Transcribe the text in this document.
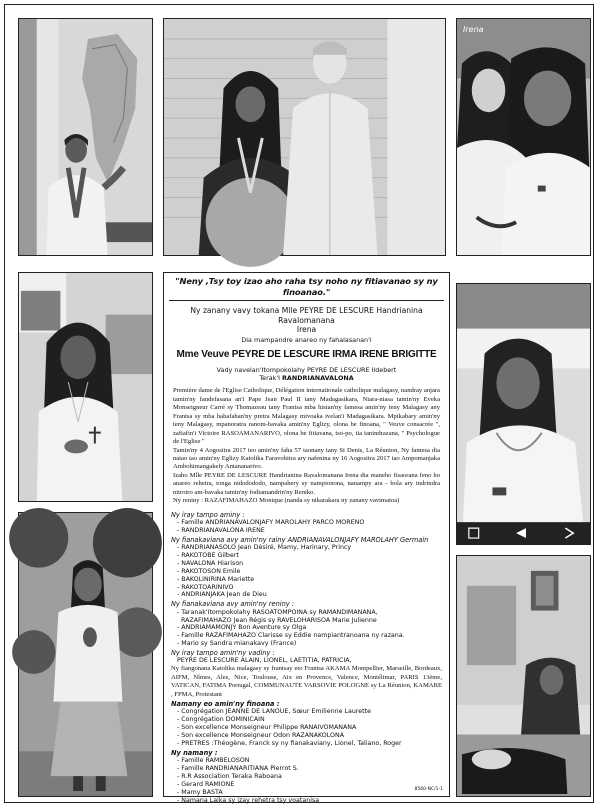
Irena
"Neny ,Tsy toy izao aho raha tsy noho ny fitiavanao sy ny finoanao."
Ny zanany vavy tokana Mlle PEYRE DE LESCURE Handrianina Ravalomanana
Irena
Dia mampandre anareo ny fahalasanan'i
Mme Veuve PEYRE DE LESCURE IRMA IRENE BRIGITTE
Vady navelan'Itompokolahy PEYRE DE LESCURE Ildebert
Terak'I RANDRIANAVALONA
Première dame de l'Eglise Catholique, Délégation internationale catholique malagasy, nandray anjara tamin'ny fandefasana an'i Pape Jean Paul II tany Madagasikara, Niara-niasa tamin'ny Eveka Monseigneur Carré sy Thomazeau tany Frantsa mba hisian'ny famesa amin'ny teny Malagasy any Frantsa sy mba hahafahan'ny pretra Malagasy mivoaka ivelan'i Madagasikara. Mpikabary amin'ny teny Malagasy, mpanoratra ranom-bavaka amin'ny Eglizy, olona be finoana, " Veuve consacrée ", zafiafin'i Victoire RASOAMANARIVO, olona be fitiavana, tso-po, tia tanindrazana, " Psychologue de l'Eglise "
Tamin'ny 4 Aogositra 2017 teo amin'ny faha 57 taonany tany St Denis, La Réunion, Ny famesa dia natao tao amin'ny Eglizy Katolika Faravohitra ary nafenina ny 16 Aogositra 2017 tao Ampomanjaka Ambohimangakely Antananarivo.
Izaho Mlle PEYRE DE LESCURE Handrianina Ravalomanana Irena dia maneho fisaorana feno ho anareo rehetra, tonga nidodododo, nampahery sy nampionona, nanampy ara - bola ary indrindra nitrotro am-bavaka tamin'ny fodiamandrin'ny Reniko.
Ny reniny : RAZAFIMAHAZO Monique (nanda sy nikarakara ny zanany vavimatoa)
Ny iray tampo aminy :
- Famille ANDRIANAVALONJAFY MAROLAHY PARCO MORENO
- RANDRIANAVALONA IRENE
Ny fianakaviana avy amin'ny rainy ANDRIANAVALONJAFY MAROLAHY Germain
- RANDRIANASOLO Jean Désiré, Mamy, Harinary, Princy
- RAKOTOBE Gilbert
- NAVALONA Hiarison
- RAKOTOSON Emile
- BAKOLINIRINA Mariette
- RAKOTOARINIVO
- ANDRIANJAKA Jean de Dieu
Ny fianakaviana avy amin'ny reniny :
- Taranak'Itompokolahy RASOATOMPOINA sy RAMANDIMANANA,
RAZAFIMAHAZO Jean Régis sy RAVELOHARISOA Marie Julienne
- ANDRIAMAMONJY Bon Aventure sy Olga
- Famille RAZAFIMAHAZO Clarisse sy Eddie nampiantranoana ny razana.
- Mario sy Sandra mianakavy (France)
Ny iray tampo amin'ny vadiny :
PEYRE DE LESCURE ALAIN, LIONEL, LAETITIA, PATRICIA,
Ny fiangonana Katolika malagasy sy frantsay eto Frantsa AKAMA Montpellier, Marseille, Bordeaux, AIFM, Nîmes, Ales, Nice, Toulouse, Aix en Provence, Valence, Montélimar, PARIS 13ème, VATICAN, FATIMA Portugal, COMMUNAUTE VARSOVIE POLOGNE sy La Réunion, KAMARE , FPMA, Protestant
Namany eo amin'ny finoana :
- Congrégation JEANNE DE LANOUE, Sœur Emilienne Laurette
- Congrégation DOMINICAIN
- Son excellence Monseigneur Philippe RANAIVOMANANA
- Son excellence Monseigneur Odon RAZANAKOLONA
- PRETRES :Théogène, Franck sy ny fianakaviany, Lionel, Taliano, Roger
Ny namany :
- Famille RAMBELOSON
- Famille RANDRIANARITIANA Pierrot S.
- R.R Association Teraka Raboana
- Gerard RAMIONE
- Mamy BASTA
- Namana Laika sy izay rehetra tsy voatanisa
8560-NC/1-1
